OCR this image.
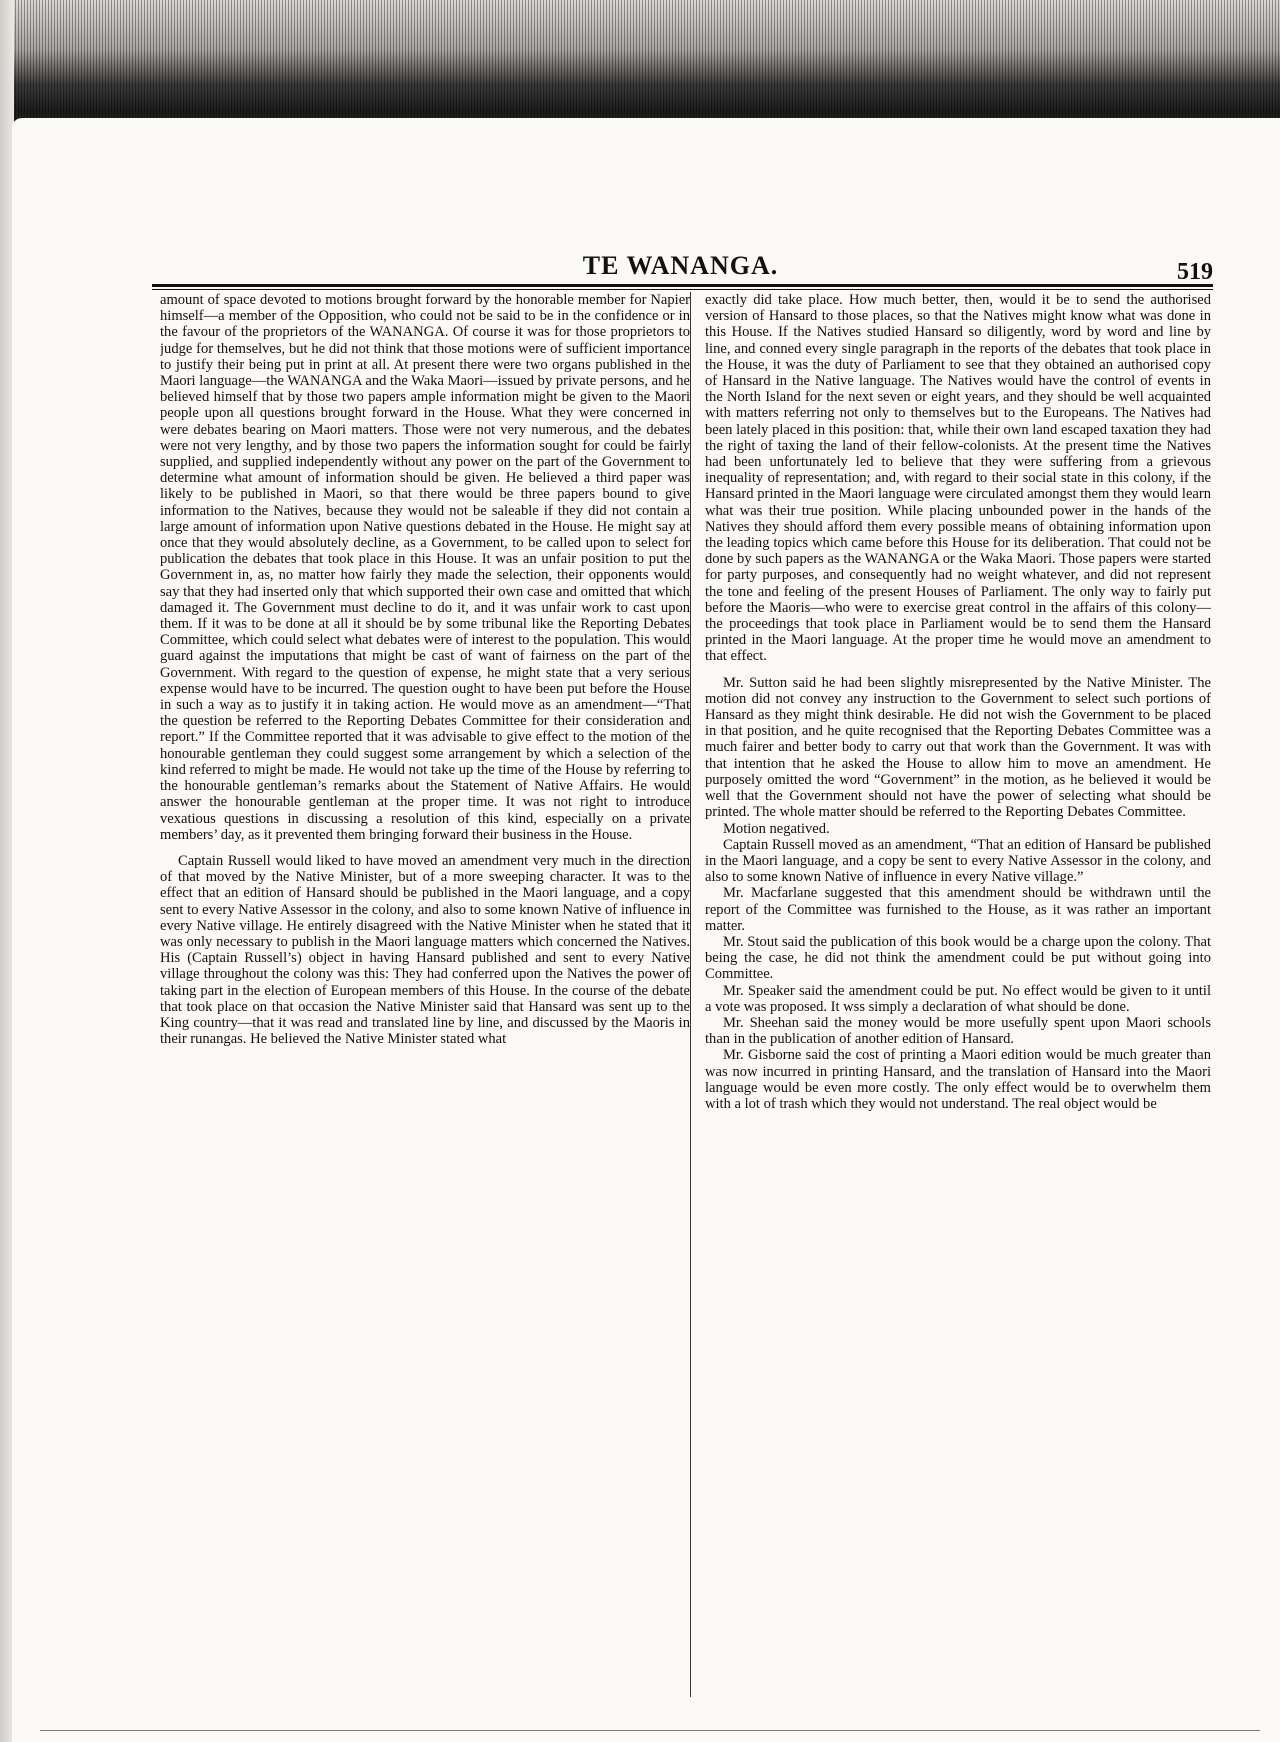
TE WANANGA.	519

amount of space devoted to motions brought forward by the honorable member for Napier himself—a member of the Opposition, who could not be said to be in the confidence or in the favour of the proprietors of the WANANGA. Of course it was for those proprietors to judge for themselves, but he did not think that those motions were of sufficient importance to justify their being put in print at all. At present there were two organs published in the Maori language—the WANANGA and the Waka Maori—issued by private persons, and he believed himself that by those two papers ample information might be given to the Maori people upon all questions brought forward in the House. What they were concerned in were debates bearing on Maori matters. Those were not very numerous, and the debates were not very lengthy, and by those two papers the information sought for could be fairly supplied, and supplied independently without any power on the part of the Government to determine what amount of information should be given. He believed a third paper was likely to be published in Maori, so that there would be three papers bound to give information to the Natives, because they would not be saleable if they did not contain a large amount of information upon Native questions debated in the House. He might say at once that they would absolutely decline, as a Government, to be called upon to select for publication the debates that took place in this House. It was an unfair position to put the Government in, as, no matter how fairly they made the selection, their opponents would say that they had inserted only that which supported their own case and omitted that which damaged it. The Government must decline to do it, and it was unfair work to cast upon them. If it was to be done at all it should be by some tribunal like the Reporting Debates Committee, which could select what debates were of interest to the population. This would guard against the imputations that might be cast of want of fairness on the part of the Government. With regard to the question of expense, he might state that a very serious expense would have to be incurred. The question ought to have been put before the House in such a way as to justify it in taking action. He would move as an amendment—“That the question be referred to the Reporting Debates Committee for their consideration and report.” If the Committee reported that it was advisable to give effect to the motion of the honourable gentleman they could suggest some arrangement by which a selection of the kind referred to might be made. He would not take up the time of the House by referring to the honourable gentleman’s remarks about the Statement of Native Affairs. He would answer the honourable gentleman at the proper time. It was not right to introduce vexatious questions in discussing a resolution of this kind, especially on a private members’ day, as it prevented them bringing forward their business in the House.

Captain Russell would liked to have moved an amendment very much in the direction of that moved by the Native Minister, but of a more sweeping character. It was to the effect that an edition of Hansard should be published in the Maori language, and a copy sent to every Native Assessor in the colony, and also to some known Native of influence in every Native village. He entirely disagreed with the Native Minister when he stated that it was only necessary to publish in the Maori language matters which concerned the Natives. His (Captain Russell’s) object in having Hansard published and sent to every Native village throughout the colony was this: They had conferred upon the Natives the power of taking part in the election of European members of this House. In the course of the debate that took place on that occasion the Native Minister said that Hansard was sent up to the King country—that it was read and translated line by line, and discussed by the Maoris in their runangas. He believed the Native Minister stated what

exactly did take place. How much better, then, would it be to send the authorised version of Hansard to those places, so that the Natives might know what was done in this House. If the Natives studied Hansard so diligently, word by word and line by line, and conned every single paragraph in the reports of the debates that took place in the House, it was the duty of Parliament to see that they obtained an authorised copy of Hansard in the Native language. The Natives would have the control of events in the North Island for the next seven or eight years, and they should be well acquainted with matters referring not only to themselves but to the Europeans. The Natives had been lately placed in this position: that, while their own land escaped taxation they had the right of taxing the land of their fellow-colonists. At the present time the Natives had been unfortunately led to believe that they were suffering from a grievous inequality of representation; and, with regard to their social state in this colony, if the Hansard printed in the Maori language were circulated amongst them they would learn what was their true position. While placing unbounded power in the hands of the Natives they should afford them every possible means of obtaining information upon the leading topics which came before this House for its deliberation. That could not be done by such papers as the WANANGA or the Waka Maori. Those papers were started for party purposes, and consequently had no weight whatever, and did not represent the tone and feeling of the present Houses of Parliament. The only way to fairly put before the Maoris—who were to exercise great control in the affairs of this colony—the proceedings that took place in Parliament would be to send them the Hansard printed in the Maori language. At the proper time he would move an amendment to that effect.

Mr. Sutton said he had been slightly misrepresented by the Native Minister. The motion did not convey any instruction to the Government to select such portions of Hansard as they might think desirable. He did not wish the Government to be placed in that position, and he quite recognised that the Reporting Debates Committee was a much fairer and better body to carry out that work than the Government. It was with that intention that he asked the House to allow him to move an amendment. He purposely omitted the word “Government” in the motion, as he believed it would be well that the Government should not have the power of selecting what should be printed. The whole matter should be referred to the Reporting Debates Committee.

Motion negatived.

Captain Russell moved as an amendment, “That an edition of Hansard be published in the Maori language, and a copy be sent to every Native Assessor in the colony, and also to some known Native of influence in every Native village.”

Mr. Macfarlane suggested that this amendment should be withdrawn until the report of the Committee was furnished to the House, as it was rather an important matter.

Mr. Stout said the publication of this book would be a charge upon the colony. That being the case, he did not think the amendment could be put without going into Committee.

Mr. Speaker said the amendment could be put. No effect would be given to it until a vote was proposed. It wss simply a declaration of what should be done.

Mr. Sheehan said the money would be more usefully spent upon Maori schools than in the publication of another edition of Hansard.

Mr. Gisborne said the cost of printing a Maori edition would be much greater than was now incurred in printing Hansard, and the translation of Hansard into the Maori language would be even more costly. The only effect would be to overwhelm them with a lot of trash which they would not understand. The real object would be
